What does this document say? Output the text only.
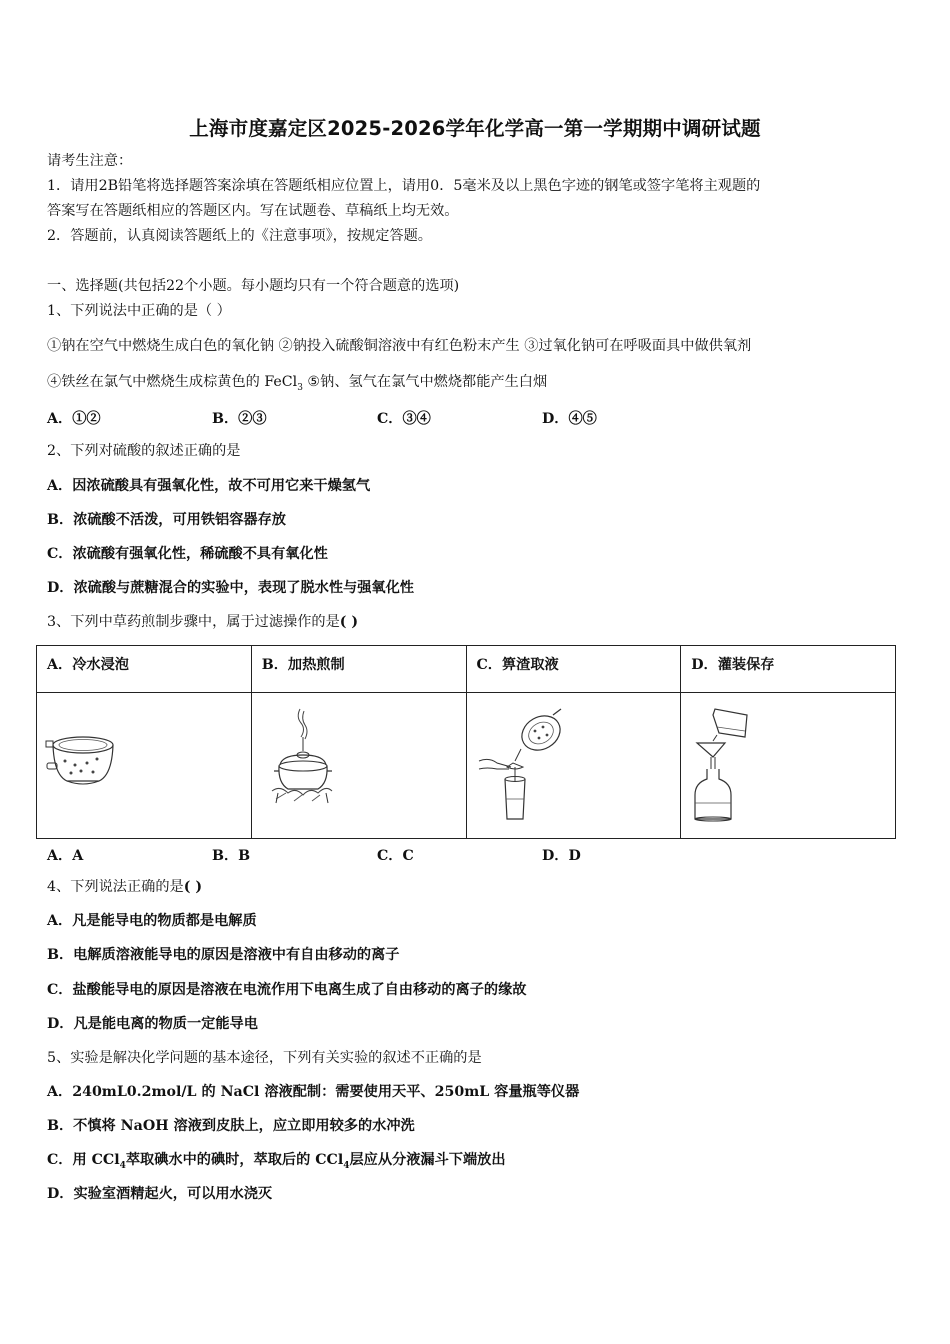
上海市度嘉定区2025-2026学年化学高一第一学期期中调研试题
请考生注意：
1．请用2B铅笔将选择题答案涂填在答题纸相应位置上，请用0．5毫米及以上黑色字迹的钢笔或签字笔将主观题的
答案写在答题纸相应的答题区内。写在试题卷、草稿纸上均无效。
2．答题前，认真阅读答题纸上的《注意事项》，按规定答题。
一、选择题(共包括22个小题。每小题均只有一个符合题意的选项)
1、下列说法中正确的是（ ）
①钠在空气中燃烧生成白色的氧化钠 ②钠投入硫酸铜溶液中有红色粉末产生 ③过氧化钠可在呼吸面具中做供氧剂
④铁丝在氯气中燃烧生成棕黄色的 FeCl$_3$ ⑤钠、氢气在氯气中燃烧都能产生白烟
A．①②	B．②③	C．③④	D．④⑤
2、下列对硫酸的叙述正确的是
A．因浓硫酸具有强氧化性，故不可用它来干燥氢气
B．浓硫酸不活泼，可用铁铝容器存放
C．浓硫酸有强氧化性，稀硫酸不具有氧化性
D．浓硫酸与蔗糖混合的实验中，表现了脱水性与强氧化性
3、下列中草药煎制步骤中，属于过滤操作的是( )
A．冷水浸泡	B．加热煎制	C．箅渣取液	D．灌装保存

A．A	B．B	C．C	D．D
4、下列说法正确的是( )
A．凡是能导电的物质都是电解质
B．电解质溶液能导电的原因是溶液中有自由移动的离子
C．盐酸能导电的原因是溶液在电流作用下电离生成了自由移动的离子的缘故
D．凡是能电离的物质一定能导电
5、实验是解决化学问题的基本途径，下列有关实验的叙述不正确的是
A．240mL0.2mol/L 的 NaCl 溶液配制：需要使用天平、250mL 容量瓶等仪器
B．不慎将 NaOH 溶液到皮肤上，应立即用较多的水冲洗
C．用 CCl$_4$萃取碘水中的碘时，萃取后的 CCl$_4$层应从分液漏斗下端放出
D．实验室酒精起火，可以用水浇灭
